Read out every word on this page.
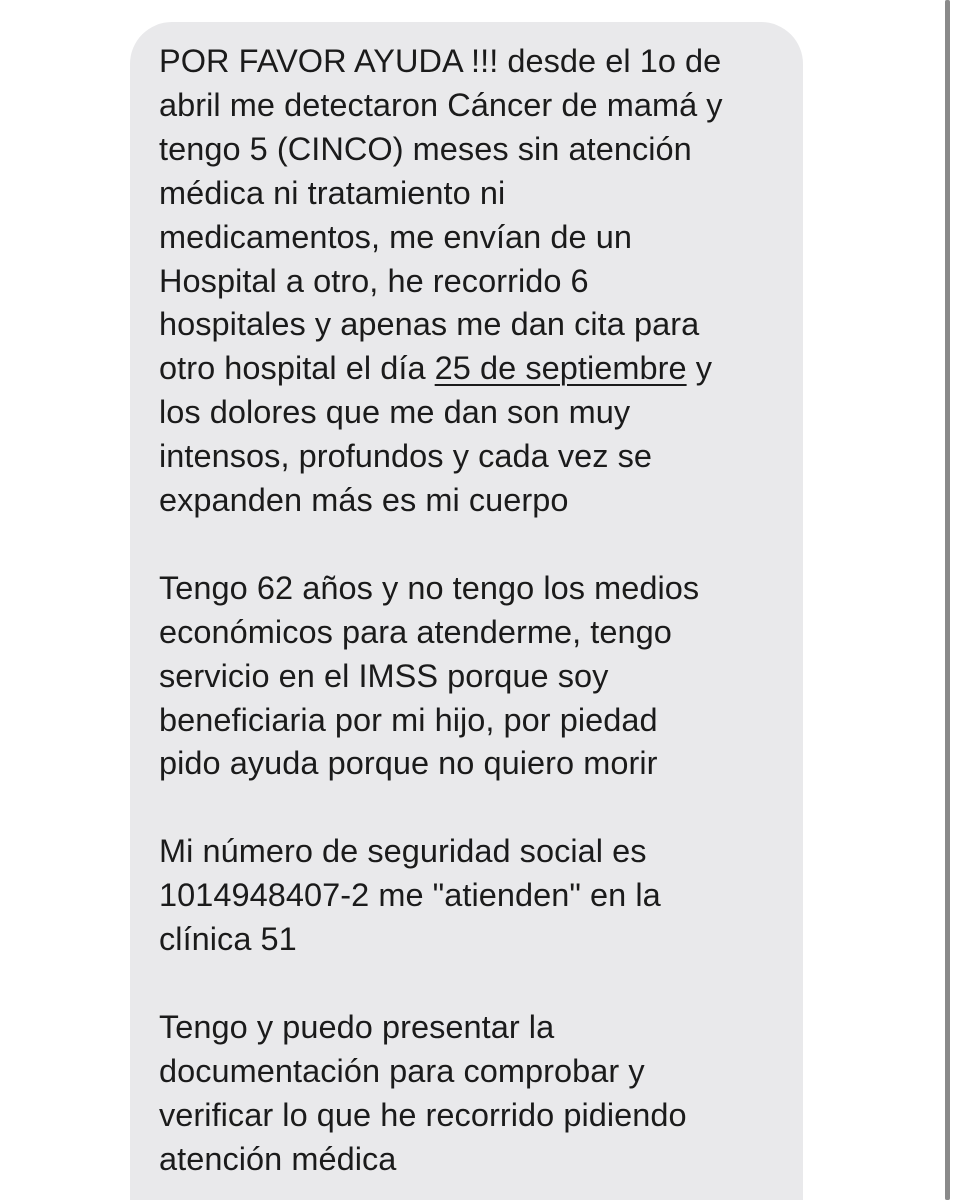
POR FAVOR AYUDA !!! desde el 1o de
abril me detectaron Cáncer de mamá y
tengo 5 (CINCO) meses sin atención
médica ni tratamiento ni
medicamentos, me envían de un
Hospital a otro, he recorrido 6
hospitales y apenas me dan cita para
otro hospital el día 25 de septiembre y
los dolores que me dan son muy
intensos, profundos y cada vez se
expanden más es mi cuerpo

Tengo 62 años y no tengo los medios
económicos para atenderme, tengo
servicio en el IMSS porque soy
beneficiaria por mi hijo, por piedad
pido ayuda porque no quiero morir

Mi número de seguridad social es
1014948407-2 me "atienden" en la
clínica 51

Tengo y puedo presentar la
documentación para comprobar y
verificar lo que he recorrido pidiendo
atención médica
